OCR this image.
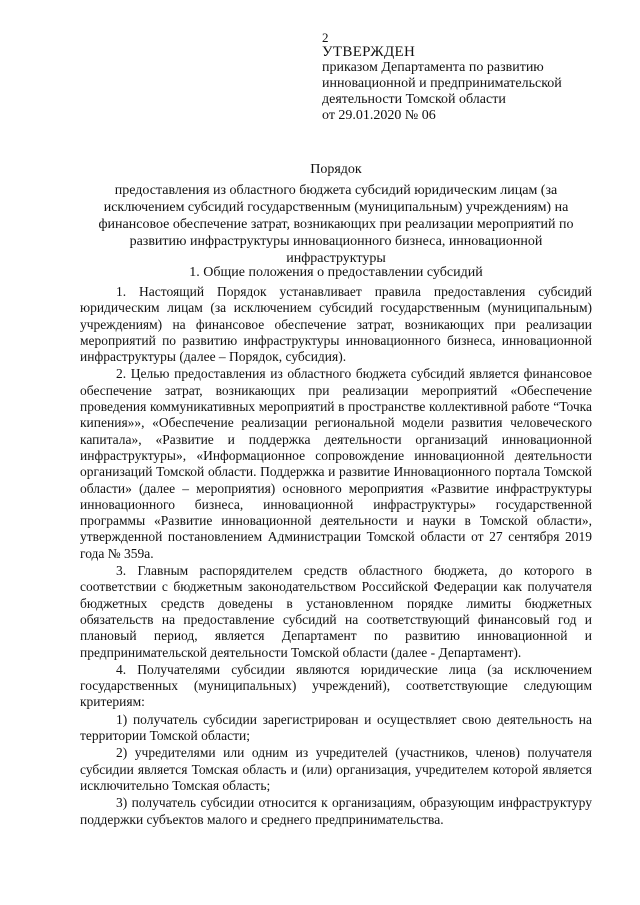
2
УТВЕРЖДЕН
приказом Департамента по развитию
инновационной и предпринимательской
деятельности Томской области
от 29.01.2020 № 06
Порядок
предоставления из областного бюджета субсидий юридическим лицам (за исключением субсидий государственным (муниципальным) учреждениям) на финансовое обеспечение затрат, возникающих при реализации мероприятий по развитию инфраструктуры инновационного бизнеса, инновационной инфраструктуры
1. Общие положения о предоставлении субсидий

1. Настоящий Порядок устанавливает правила предоставления субсидий юридическим лицам (за исключением субсидий государственным (муниципальным) учреждениям) на финансовое обеспечение затрат, возникающих при реализации мероприятий по развитию инфраструктуры инновационного бизнеса, инновационной инфраструктуры (далее – Порядок, субсидия).

2. Целью предоставления из областного бюджета субсидий является финансовое обеспечение затрат, возникающих при реализации мероприятий «Обеспечение проведения коммуникативных мероприятий в пространстве коллективной работе “Точка кипения»», «Обеспечение реализации региональной модели развития человеческого капитала», «Развитие и поддержка деятельности организаций инновационной инфраструктуры», «Информационное сопровождение инновационной деятельности организаций Томской области. Поддержка и развитие Инновационного портала Томской области» (далее – мероприятия) основного мероприятия «Развитие инфраструктуры инновационного бизнеса, инновационной инфраструктуры» государственной программы «Развитие инновационной деятельности и науки в Томской области», утвержденной постановлением Администрации Томской области от 27 сентября 2019 года № 359а.

3. Главным распорядителем средств областного бюджета, до которого в соответствии с бюджетным законодательством Российской Федерации как получателя бюджетных средств доведены в установленном порядке лимиты бюджетных обязательств на предоставление субсидий на соответствующий финансовый год и плановый период, является Департамент по развитию инновационной и предпринимательской деятельности Томской области (далее - Департамент).

4. Получателями субсидии являются юридические лица (за исключением государственных (муниципальных) учреждений), соответствующие следующим критериям:

1) получатель субсидии зарегистрирован и осуществляет свою деятельность на территории Томской области;

2) учредителями или одним из учредителей (участников, членов) получателя субсидии является Томская область и (или) организация, учредителем которой является исключительно Томская область;

3) получатель субсидии относится к организациям, образующим инфраструктуру поддержки субъектов малого и среднего предпринимательства.
